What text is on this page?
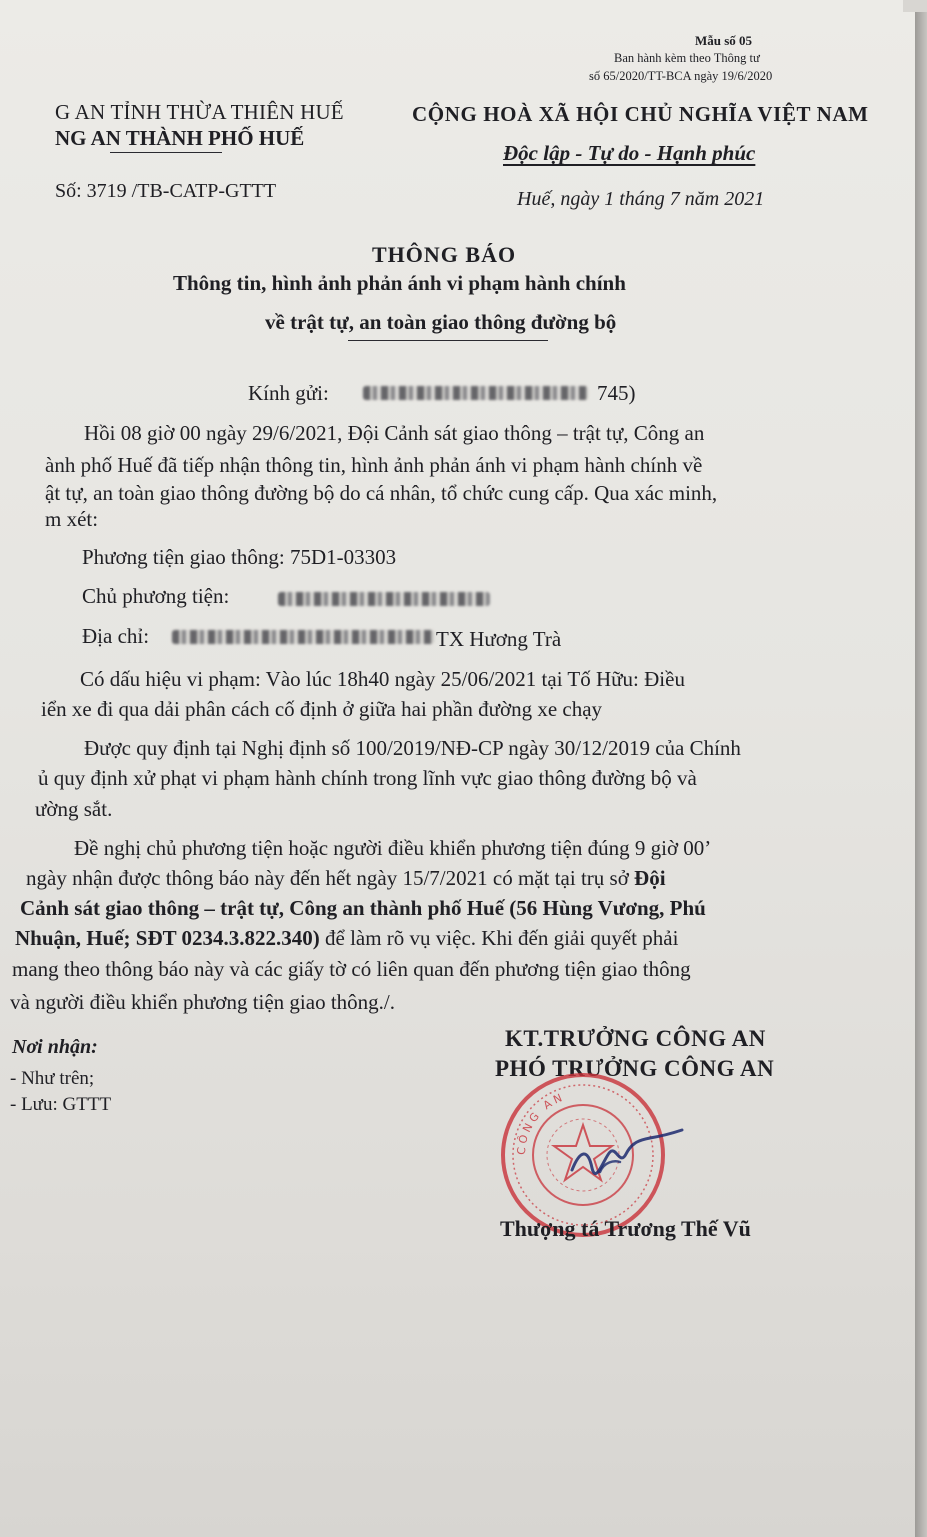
Mẫu số 05
Ban hành kèm theo Thông tư
số 65/2020/TT-BCA ngày 19/6/2020
G AN TỈNH THỪA THIÊN HUẾ
NG AN THÀNH PHỐ HUẾ
CỘNG HOÀ XÃ HỘI CHỦ NGHĨA VIỆT NAM
Độc lập - Tự do - Hạnh phúc
Số: 3719 /TB-CATP-GTTT	Huế, ngày 1 tháng 7 năm 2021
THÔNG BÁO
Thông tin, hình ảnh phản ánh vi phạm hành chính
về trật tự, an toàn giao thông đường bộ
Kính gửi:	745)
Hồi 08 giờ 00 ngày 29/6/2021, Đội Cảnh sát giao thông – trật tự, Công an
ành phố Huế đã tiếp nhận thông tin, hình ảnh phản ánh vi phạm hành chính về
ật tự, an toàn giao thông đường bộ do cá nhân, tổ chức cung cấp. Qua xác minh,
m xét:
Phương tiện giao thông: 75D1-03303
Chủ phương tiện:
Địa chỉ:	TX Hương Trà
Có dấu hiệu vi phạm: Vào lúc 18h40 ngày 25/06/2021 tại Tố Hữu: Điều
iển xe đi qua dải phân cách cố định ở giữa hai phần đường xe chạy
Được quy định tại Nghị định số 100/2019/NĐ-CP ngày 30/12/2019 của Chính
ủ quy định xử phạt vi phạm hành chính trong lĩnh vực giao thông đường bộ và
ường sắt.
Đề nghị chủ phương tiện hoặc người điều khiển phương tiện đúng 9 giờ 00’
ngày nhận được thông báo này đến hết ngày 15/7/2021 có mặt tại trụ sở Đội
Cảnh sát giao thông – trật tự, Công an thành phố Huế (56 Hùng Vương, Phú
Nhuận, Huế; SĐT 0234.3.822.340) để làm rõ vụ việc. Khi đến giải quyết phải
mang theo thông báo này và các giấy tờ có liên quan đến phương tiện giao thông
và người điều khiển phương tiện giao thông./.
Nơi nhận:
- Như trên;
- Lưu: GTTT
KT.TRƯỞNG CÔNG AN
PHÓ TRƯỞNG CÔNG AN
CÔNG AN
Thượng tá Trương Thế Vũ
